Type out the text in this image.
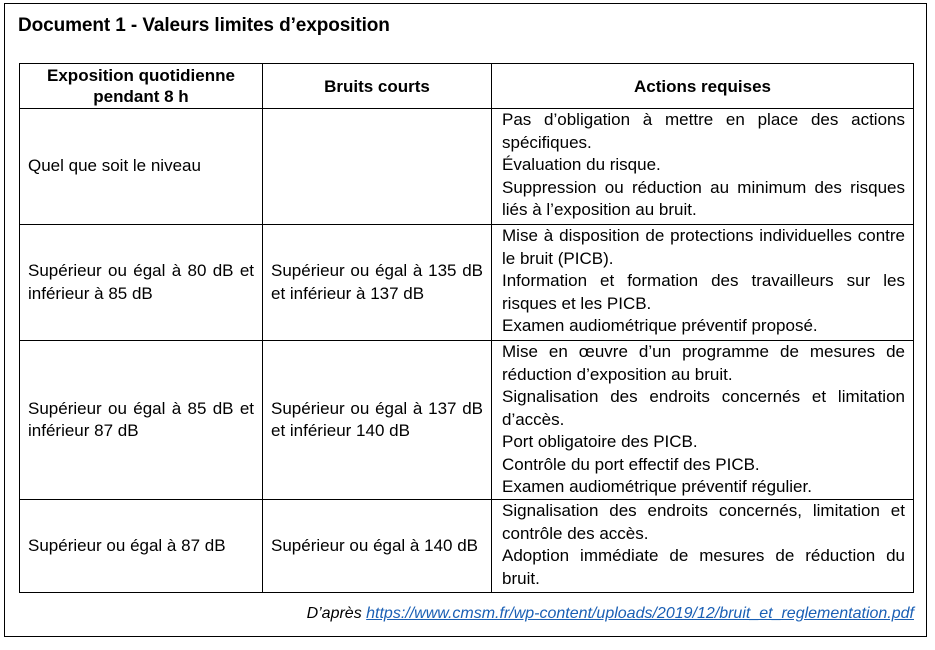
Document 1 - Valeurs limites d’exposition
Exposition quotidienne pendant 8 h	Bruits courts	Actions requises
Quel que soit le niveau		Pas d’obligation à mettre en place des actions spécifiques.
Évaluation du risque.
Suppression ou réduction au minimum des risques liés à l’exposition au bruit.

Supérieur ou égal à 80 dB et inférieur à 85 dB	Supérieur ou égal à 135 dB et inférieur à 137 dB	Mise à disposition de protections individuelles contre le bruit (PICB).
Information et formation des travailleurs sur les risques et les PICB.
Examen audiométrique préventif proposé.

Supérieur ou égal à 85 dB et inférieur 87 dB	Supérieur ou égal à 137 dB et inférieur 140 dB	Mise en œuvre d’un programme de mesures de réduction d’exposition au bruit.
Signalisation des endroits concernés et limitation d’accès.
Port obligatoire des PICB.
Contrôle du port effectif des PICB.
Examen audiométrique préventif régulier.

Supérieur ou égal à 87 dB	Supérieur ou égal à 140 dB	Signalisation des endroits concernés, limitation et contrôle des accès.
Adoption immédiate de mesures de réduction du bruit.
D’après https://www.cmsm.fr/wp-content/uploads/2019/12/bruit_et_reglementation.pdf
